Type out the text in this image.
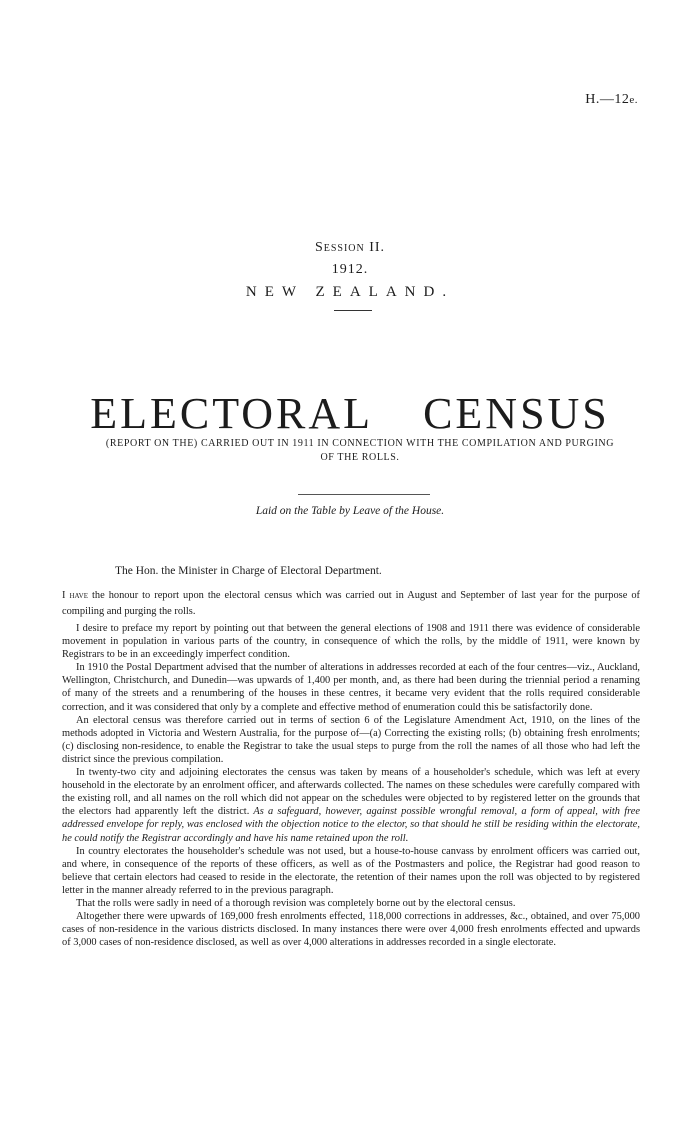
H.—12e.
Session II.
1912.
NEW ZEALAND.
ELECTORAL CENSUS
(REPORT ON THE) CARRIED OUT IN 1911 IN CONNECTION WITH THE COMPILATION AND PURGING OF THE ROLLS.
Laid on the Table by Leave of the House.
The Hon. the Minister in Charge of Electoral Department.

I have the honour to report upon the electoral census which was carried out in August and September of last year for the purpose of compiling and purging the rolls.

I desire to preface my report by pointing out that between the general elections of 1908 and 1911 there was evidence of considerable movement in population in various parts of the country, in consequence of which the rolls, by the middle of 1911, were known by Registrars to be in an exceedingly imperfect condition.

In 1910 the Postal Department advised that the number of alterations in addresses recorded at each of the four centres—viz., Auckland, Wellington, Christchurch, and Dunedin—was upwards of 1,400 per month, and, as there had been during the triennial period a renaming of many of the streets and a renumbering of the houses in these centres, it became very evident that the rolls required considerable correction, and it was considered that only by a complete and effective method of enumeration could this be satisfactorily done.

An electoral census was therefore carried out in terms of section 6 of the Legislature Amendment Act, 1910, on the lines of the methods adopted in Victoria and Western Australia, for the purpose of—(a) Correcting the existing rolls; (b) obtaining fresh enrolments; (c) disclosing non-residence, to enable the Registrar to take the usual steps to purge from the roll the names of all those who had left the district since the previous compilation.

In twenty-two city and adjoining electorates the census was taken by means of a householder's schedule, which was left at every household in the electorate by an enrolment officer, and afterwards collected. The names on these schedules were carefully compared with the existing roll, and all names on the roll which did not appear on the schedules were objected to by registered letter on the grounds that the electors had apparently left the district. As a safeguard, however, against possible wrongful removal, a form of appeal, with free addressed envelope for reply, was enclosed with the objection notice to the elector, so that should he still be residing within the electorate, he could notify the Registrar accordingly and have his name retained upon the roll.

In country electorates the householder's schedule was not used, but a house-to-house canvass by enrolment officers was carried out, and where, in consequence of the reports of these officers, as well as of the Postmasters and police, the Registrar had good reason to believe that certain electors had ceased to reside in the electorate, the retention of their names upon the roll was objected to by registered letter in the manner already referred to in the previous paragraph.

That the rolls were sadly in need of a thorough revision was completely borne out by the electoral census.

Altogether there were upwards of 169,000 fresh enrolments effected, 118,000 corrections in addresses, &c., obtained, and over 75,000 cases of non-residence in the various districts disclosed. In many instances there were over 4,000 fresh enrolments effected and upwards of 3,000 cases of non-residence disclosed, as well as over 4,000 alterations in addresses recorded in a single electorate.
